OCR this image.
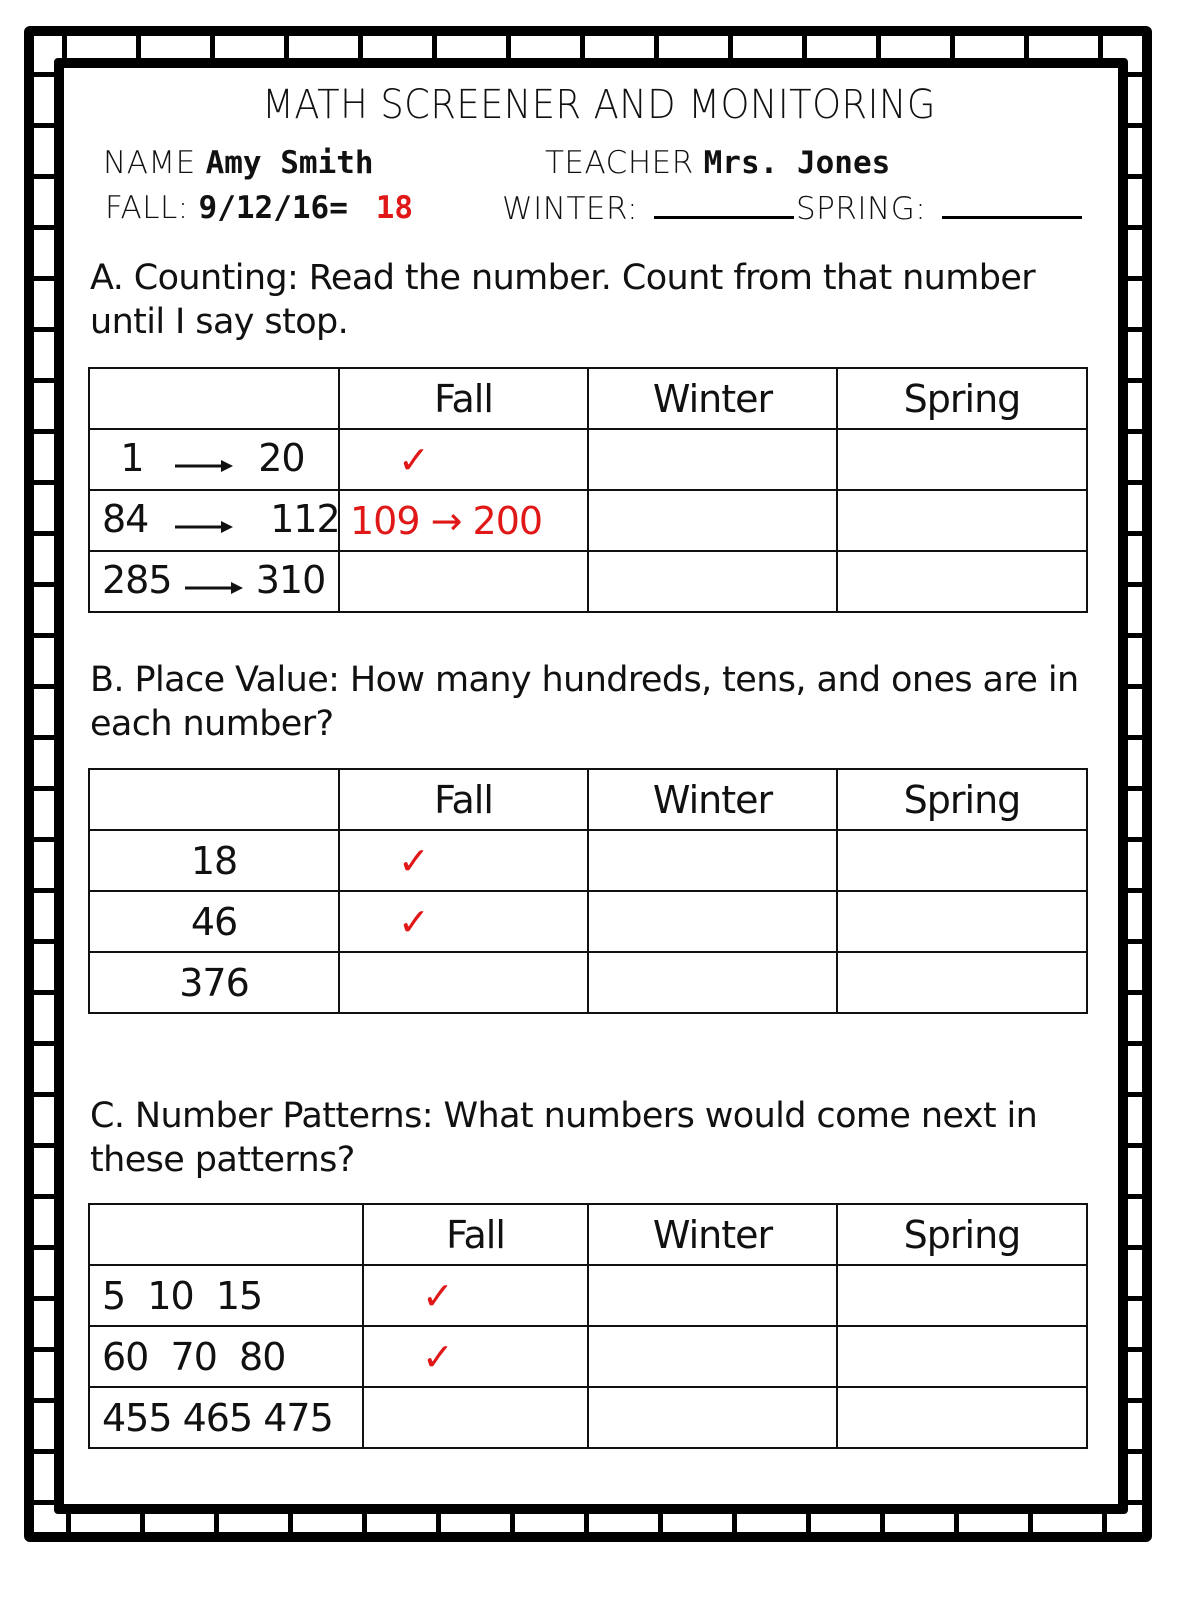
MATH SCREENER AND MONITORING
NAME Amy Smith	TEACHER Mrs. Jones
FALL: 9/12/16= 18	WINTER:	SPRING:
A. Counting: Read the number. Count from that number until I say stop.
	Fall	Winter	Spring
1 20	✓		
84 112	109 → 200		
285 310			
B. Place Value: How many hundreds, tens, and ones are in each number?
	Fall	Winter	Spring
18	✓		
46	✓		
376			
C. Number Patterns: What numbers would come next in these patterns?
	Fall	Winter	Spring
5  10  15	✓		
60  70  80	✓		
455 465 475			
